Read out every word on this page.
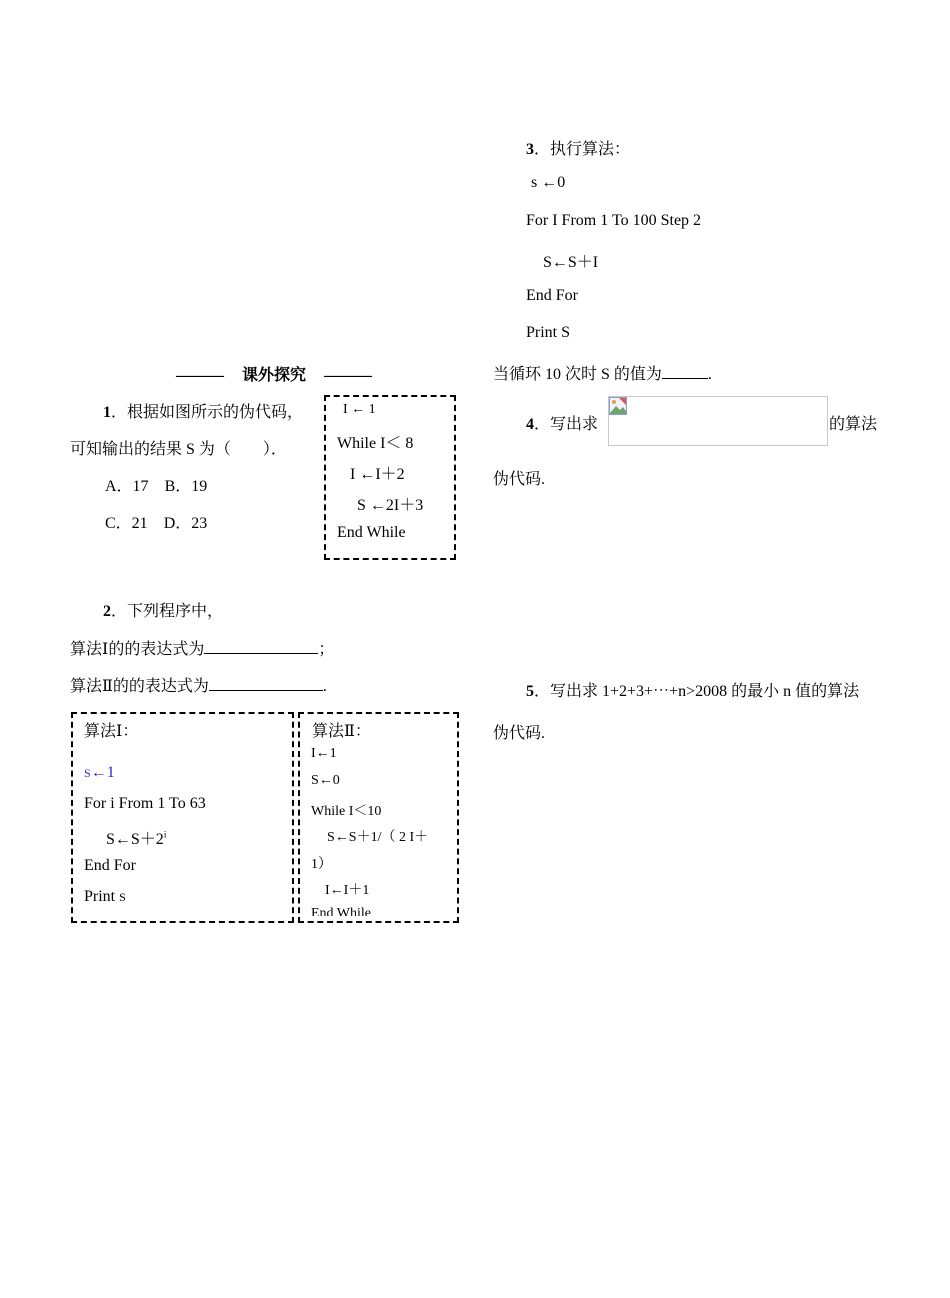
3．执行算法：
s ←0
For I From 1 To 100 Step 2
S←S＋I
End For
Print S
当循环 10 次时 S 的值为	.
——— 课外探究 ———
1．根据如图所示的伪代码，
可知输出的结果 S 为（　　）．
A．17 B．19
C．21 D．23
I ← 1
While I＜ 8
I ←I＋2
S ←2I＋3
End While
4．写出求	的算法
伪代码.
2．下列程序中，
算法Ⅰ的的表达式为	；
算法Ⅱ的的表达式为	.	5．写出求 1+2+3+⋯+n>2008 的最小 n 值的算法
伪代码.
算法Ⅰ：
S←1
For i From 1 To 63
$S\leftarrow S+2^i$
End For
Print S
算法Ⅱ：
I←1
S←0
While I＜10
S←S＋1/（ 2 I＋
1）
I←I＋1
End While
